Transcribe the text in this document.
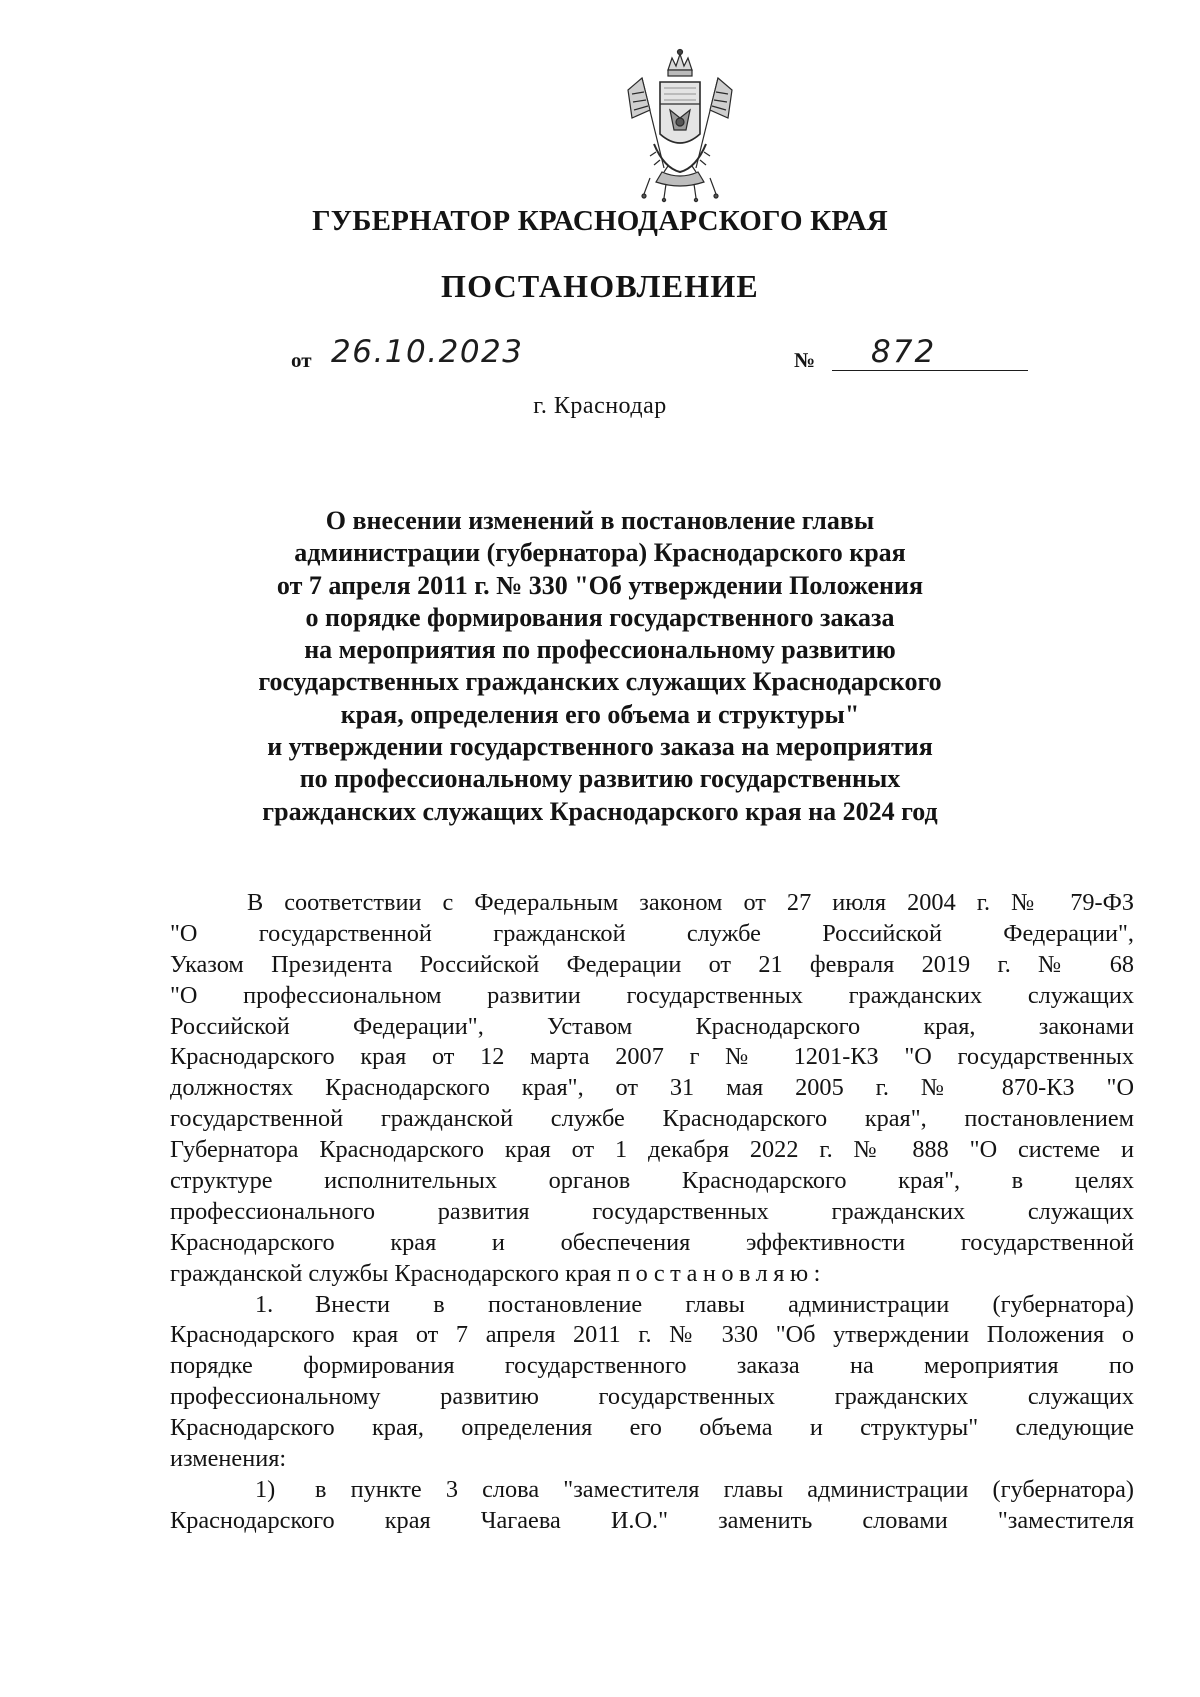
ГУБЕРНАТОР КРАСНОДАРСКОГО КРАЯ
ПОСТАНОВЛЕНИЕ
от 26.10.2023	№ 872
г. Краснодар
О внесении изменений в постановление главы
администрации (губернатора) Краснодарского края
от 7 апреля 2011 г. № 330 "Об утверждении Положения
о порядке формирования государственного заказа
на мероприятия по профессиональному развитию
государственных гражданских служащих Краснодарского
края, определения его объема и структуры"
и утверждении государственного заказа на мероприятия
по профессиональному развитию государственных
гражданских служащих Краснодарского края на 2024 год
В соответствии с Федеральным законом от 27 июля 2004 г. № 79-ФЗ
"О государственной гражданской службе Российской Федерации",
Указом Президента Российской Федерации от 21 февраля 2019 г. № 68
"О профессиональном развитии государственных гражданских служащих
Российской Федерации", Уставом Краснодарского края, законами
Краснодарского края от 12 марта 2007 г № 1201-КЗ "О государственных
должностях Краснодарского края", от 31 мая 2005 г. № 870-КЗ "О
государственной гражданской службе Краснодарского края", постановлением
Губернатора Краснодарского края от 1 декабря 2022 г. № 888 "О системе и
структуре исполнительных органов Краснодарского края", в целях
профессионального развития государственных гражданских служащих
Краснодарского края и обеспечения эффективности государственной
гражданской службы Краснодарского края постановляю:
1. Внести в постановление главы администрации (губернатора)
Краснодарского края от 7 апреля 2011 г. № 330 "Об утверждении Положения о
порядке формирования государственного заказа на мероприятия по
профессиональному развитию государственных гражданских служащих
Краснодарского края, определения его объема и структуры" следующие
изменения:
1) в пункте 3 слова "заместителя главы администрации (губернатора)
Краснодарского края Чагаева И.О." заменить словами "заместителя
